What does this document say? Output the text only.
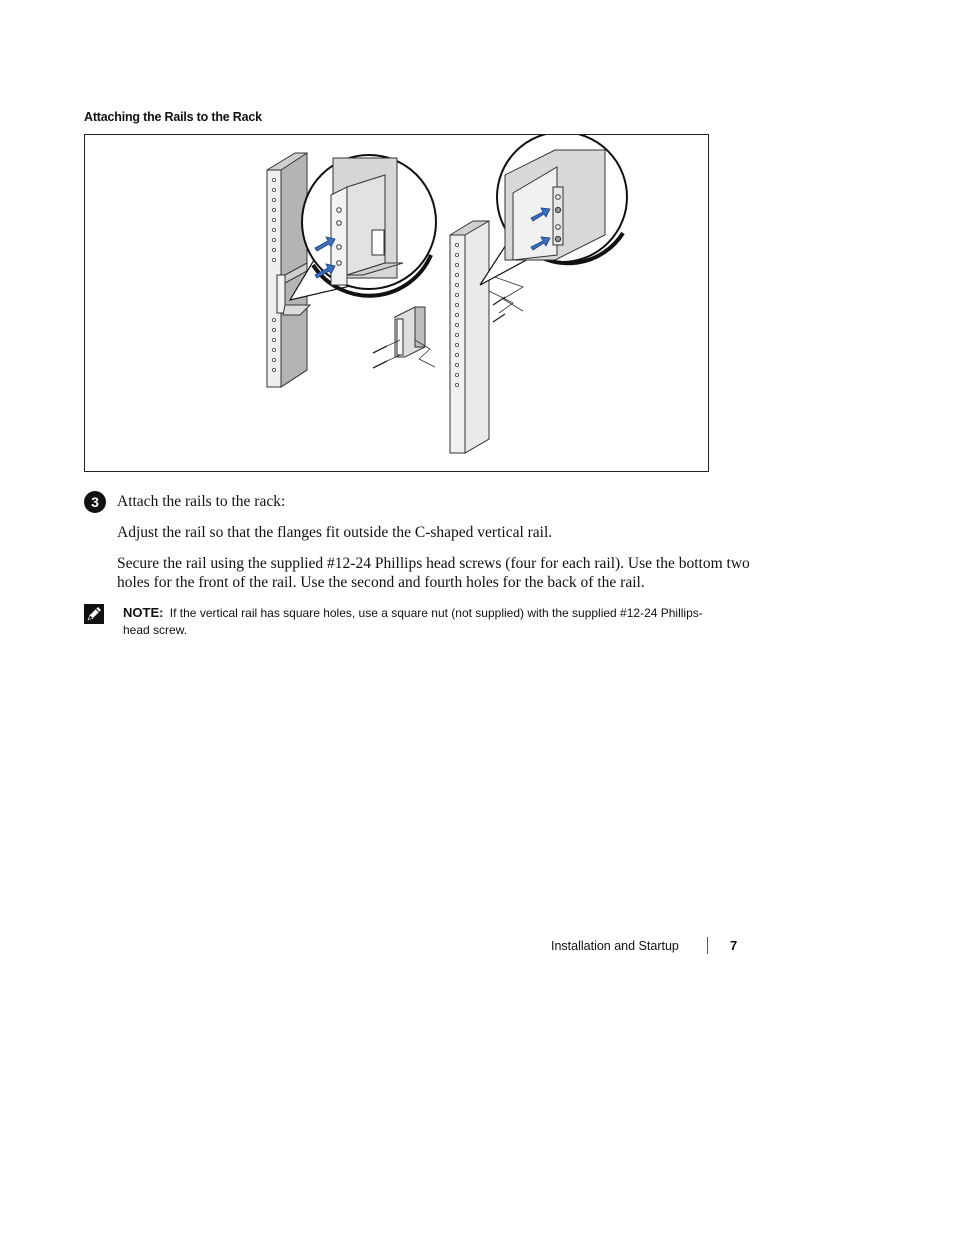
Attaching the Rails to the Rack
3	Attach the rails to the rack:
Adjust the rail so that the flanges fit outside the C-shaped vertical rail.
Secure the rail using the supplied #12-24 Phillips head screws (four for each rail). Use the bottom two holes for the front of the rail. Use the second and fourth holes for the back of the rail.
NOTE: If the vertical rail has square holes, use a square nut (not supplied) with the supplied #12-24 Phillips-head screw.
Installation and Startup	7
